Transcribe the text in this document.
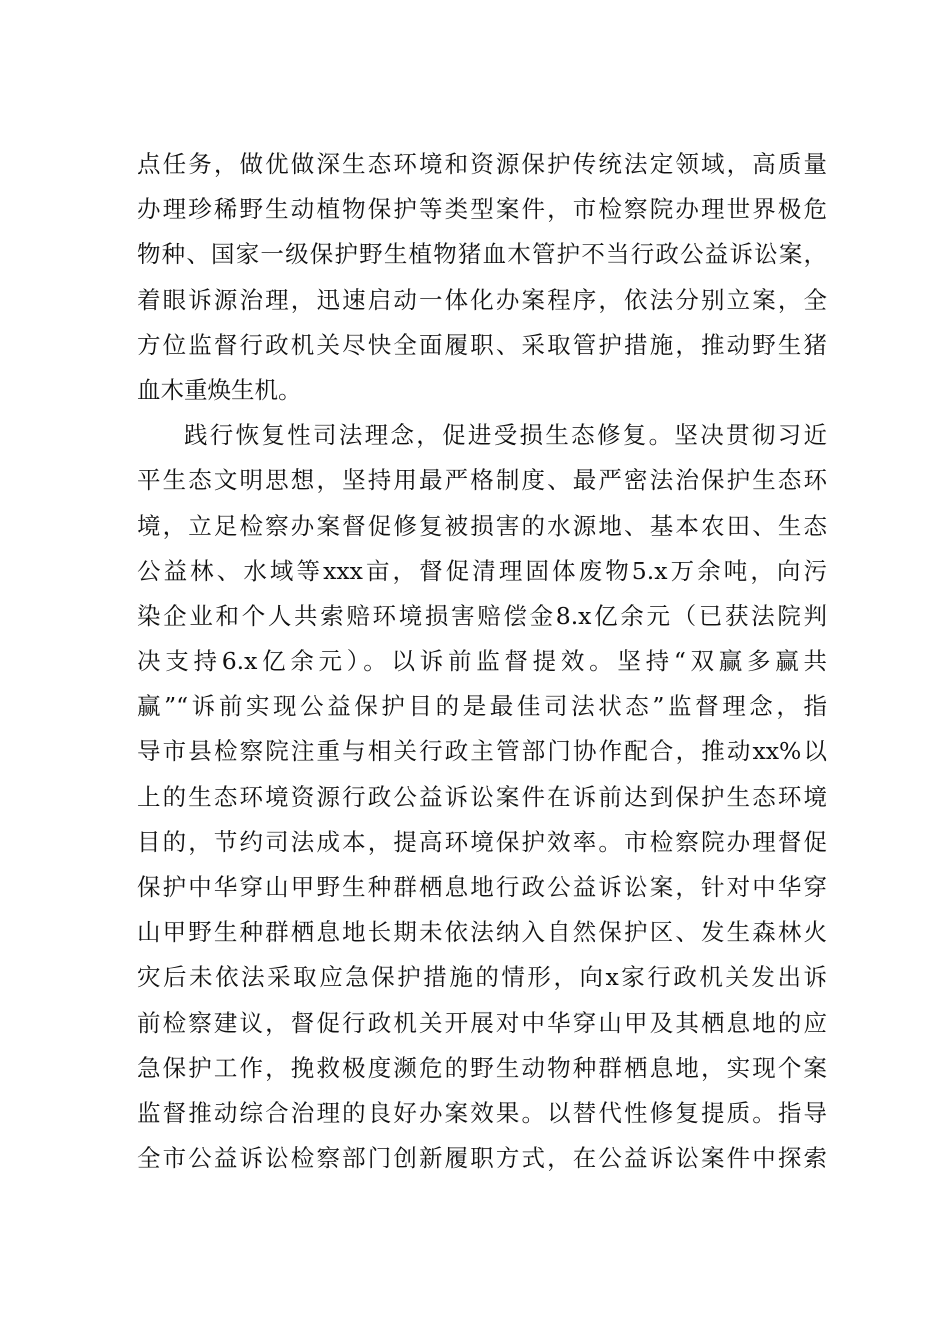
点任务，做优做深生态环境和资源保护传统法定领域，高质量
办理珍稀野生动植物保护等类型案件，市检察院办理世界极危
物种、国家一级保护野生植物猪血木管护不当行政公益诉讼案，
着眼诉源治理，迅速启动一体化办案程序，依法分别立案，全
方位监督行政机关尽快全面履职、采取管护措施，推动野生猪
血木重焕生机。
践行恢复性司法理念，促进受损生态修复。坚决贯彻习近
平生态文明思想，坚持用最严格制度、最严密法治保护生态环
境，立足检察办案督促修复被损害的水源地、基本农田、生态
公益林、水域等xxx亩，督促清理固体废物5.x万余吨，向污
染企业和个人共索赔环境损害赔偿金8.x亿余元（已获法院判
决支持6.x亿余元）。以诉前监督提效。坚持“双赢多赢共
赢”“诉前实现公益保护目的是最佳司法状态”监督理念，指
导市县检察院注重与相关行政主管部门协作配合，推动xx%以
上的生态环境资源行政公益诉讼案件在诉前达到保护生态环境
目的，节约司法成本，提高环境保护效率。市检察院办理督促
保护中华穿山甲野生种群栖息地行政公益诉讼案，针对中华穿
山甲野生种群栖息地长期未依法纳入自然保护区、发生森林火
灾后未依法采取应急保护措施的情形，向x家行政机关发出诉
前检察建议，督促行政机关开展对中华穿山甲及其栖息地的应
急保护工作，挽救极度濒危的野生动物种群栖息地，实现个案
监督推动综合治理的良好办案效果。以替代性修复提质。指导
全市公益诉讼检察部门创新履职方式，在公益诉讼案件中探索
